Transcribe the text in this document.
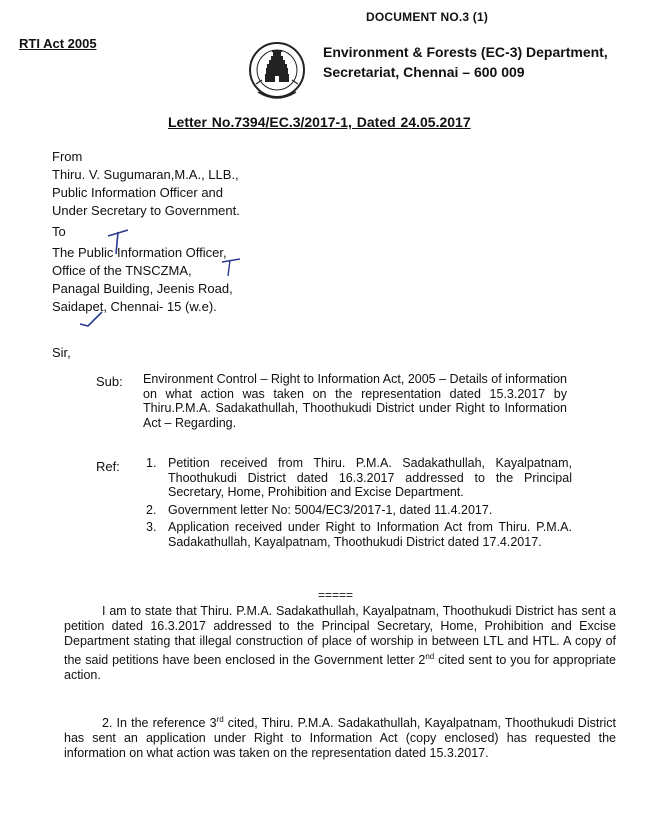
DOCUMENT NO.3 (1)
RTI Act 2005
Environment & Forests (EC-3) Department,
Secretariat, Chennai – 600 009
Letter No.7394/EC.3/2017-1, Dated 24.05.2017
From
Thiru. V. Sugumaran,M.A., LLB.,
Public Information Officer and
Under Secretary to Government.
To
The Public Information Officer,
Office of the TNSCZMA,
Panagal Building, Jeenis Road,
Saidapet, Chennai- 15 (w.e).
Sir,
Sub: Environment Control – Right to Information Act, 2005 – Details of information on what action was taken on the representation dated 15.3.2017 by Thiru.P.M.A. Sadakathullah, Thoothukudi District under Right to Information Act – Regarding.
Ref: 1. Petition received from Thiru. P.M.A. Sadakathullah, Kayalpatnam, Thoothukudi District dated 16.3.2017 addressed to the Principal Secretary, Home, Prohibition and Excise Department.
2. Government letter No: 5004/EC3/2017-1, dated 11.4.2017.
3. Application received under Right to Information Act from Thiru. P.M.A. Sadakathullah, Kayalpatnam, Thoothukudi District dated 17.4.2017.
=====
I am to state that Thiru. P.M.A. Sadakathullah, Kayalpatnam, Thoothukudi District has sent a petition dated 16.3.2017 addressed to the Principal Secretary, Home, Prohibition and Excise Department stating that illegal construction of place of worship in between LTL and HTL. A copy of the said petitions have been enclosed in the Government letter 2nd cited sent to you for appropriate action.
2. In the reference 3rd cited, Thiru. P.M.A. Sadakathullah, Kayalpatnam, Thoothukudi District has sent an application under Right to Information Act (copy enclosed) has requested the information on what action was taken on the representation dated 15.3.2017.
